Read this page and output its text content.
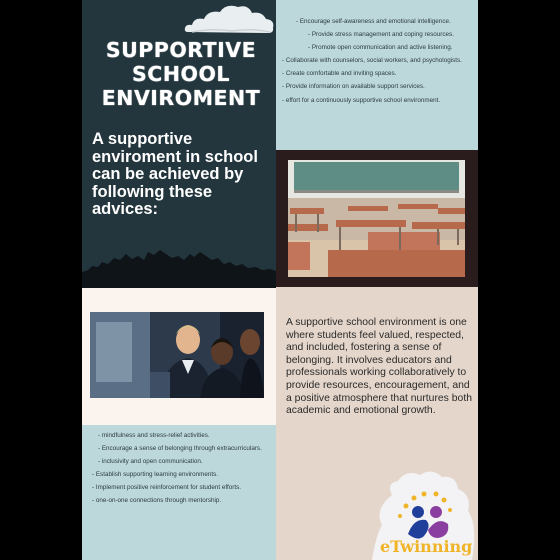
SUPPORTIVE
SCHOOL
ENVIROMENT
A supportive enviroment in school can be achieved by following these advices:
- Encourage self-awareness and emotional intelligence.
- Provide stress management and coping resources.
- Promote open communication and active listening.
- Collaborate with counselors, social workers, and psychologists.
- Create comfortable and inviting spaces.
- Provide information on available support services.
- effort for a continuously supportive school environment.
- mindfulness and stress-relief activities.
- Encourage a sense of belonging through extracurriculars.
- inclusivity and open communication.
- Establish supporting learning environments.
- Implement positive reinforcement for student efforts.
- one-on-one connections through mentorship.

A supportive school environment is one where students feel valued, respected, and included, fostering a sense of belonging. It involves educators and professionals working collaboratively to provide resources, encouragement, and a positive atmosphere that nurtures both academic and emotional growth.

eTwinning
